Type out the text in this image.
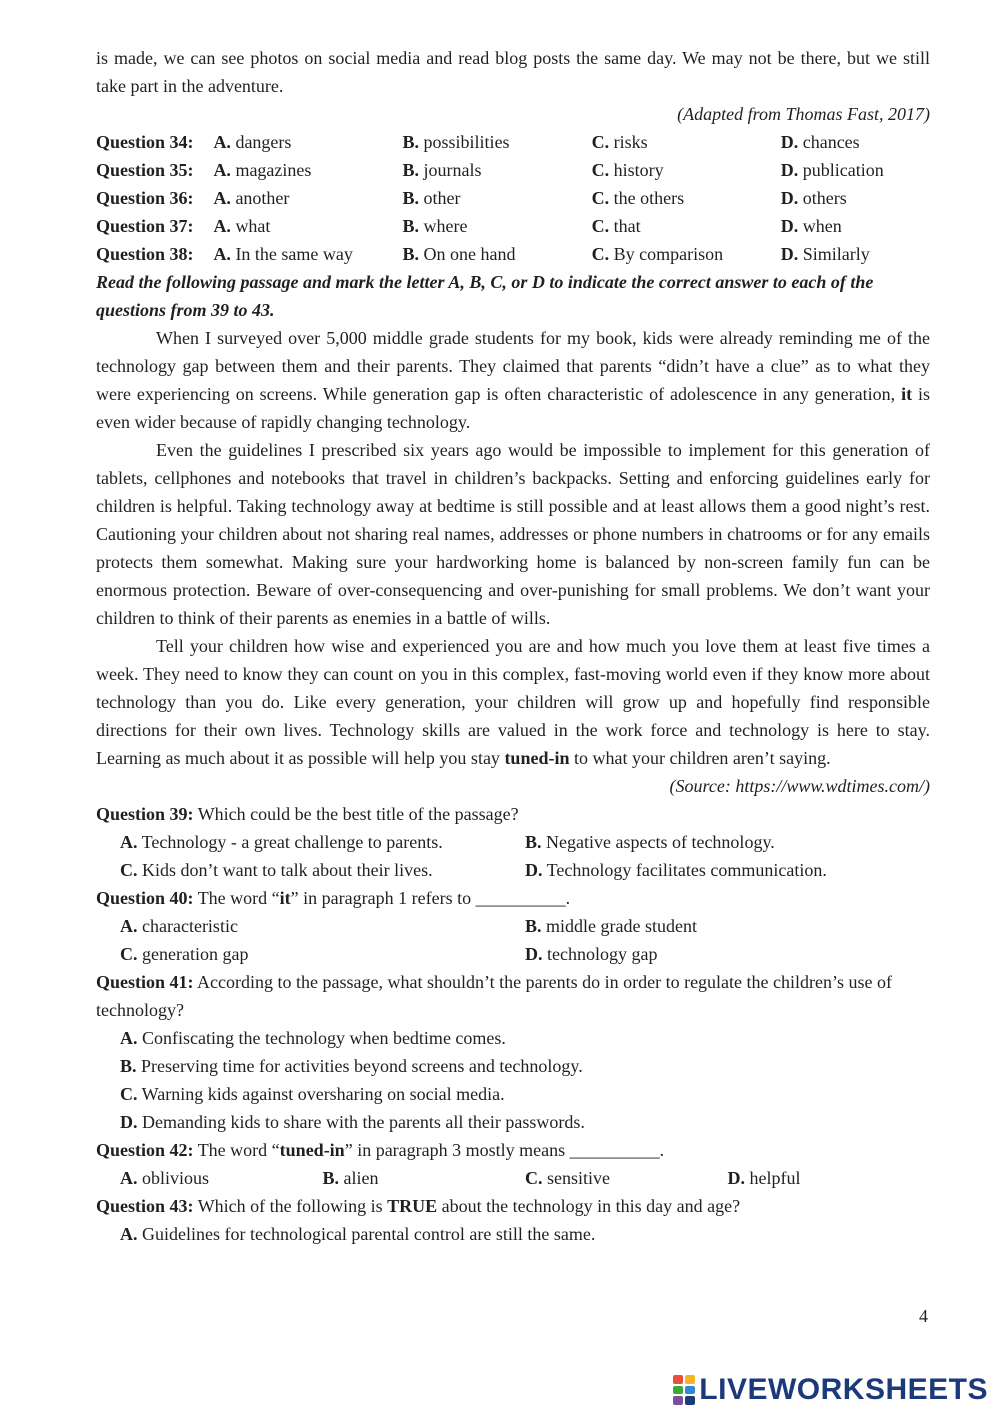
is made, we can see photos on social media and read blog posts the same day. We may not be there, but we still take part in the adventure.

(Adapted from Thomas Fast, 2017)

Question 34:	A. dangers	B. possibilities	C. risks	D. chances
Question 35:	A. magazines	B. journals	C. history	D. publication
Question 36:	A. another	B. other	C. the others	D. others
Question 37:	A. what	B. where	C. that	D. when
Question 38:	A. In the same way	B. On one hand	C. By comparison	D. Similarly

Read the following passage and mark the letter A, B, C, or D to indicate the correct answer to each of the questions from 39 to 43.

When I surveyed over 5,000 middle grade students for my book, kids were already reminding me of the technology gap between them and their parents. They claimed that parents “didn’t have a clue” as to what they were experiencing on screens. While generation gap is often characteristic of adolescence in any generation, it is even wider because of rapidly changing technology.

Even the guidelines I prescribed six years ago would be impossible to implement for this generation of tablets, cellphones and notebooks that travel in children’s backpacks. Setting and enforcing guidelines early for children is helpful. Taking technology away at bedtime is still possible and at least allows them a good night’s rest. Cautioning your children about not sharing real names, addresses or phone numbers in chatrooms or for any emails protects them somewhat. Making sure your hardworking home is balanced by non-screen family fun can be enormous protection. Beware of over-consequencing and over-punishing for small problems. We don’t want your children to think of their parents as enemies in a battle of wills.

Tell your children how wise and experienced you are and how much you love them at least five times a week. They need to know they can count on you in this complex, fast-moving world even if they know more about technology than you do. Like every generation, your children will grow up and hopefully find responsible directions for their own lives. Technology skills are valued in the work force and technology is here to stay. Learning as much about it as possible will help you stay tuned-in to what your children aren’t saying.

(Source: https://www.wdtimes.com/)

Question 39: Which could be the best title of the passage?

A. Technology - a great challenge to parents.	B. Negative aspects of technology.
C. Kids don’t want to talk about their lives.	D. Technology facilitates communication.

Question 40: The word “it” in paragraph 1 refers to __________.

A. characteristic	B. middle grade student
C. generation gap	D. technology gap

Question 41: According to the passage, what shouldn’t the parents do in order to regulate the children’s use of technology?

A. Confiscating the technology when bedtime comes.
B. Preserving time for activities beyond screens and technology.
C. Warning kids against oversharing on social media.
D. Demanding kids to share with the parents all their passwords.

Question 42: The word “tuned-in” in paragraph 3 mostly means __________.

A. oblivious	B. alien	C. sensitive	D. helpful

Question 43: Which of the following is TRUE about the technology in this day and age?

A. Guidelines for technological parental control are still the same.
4
LIVEWORKSHEETS
